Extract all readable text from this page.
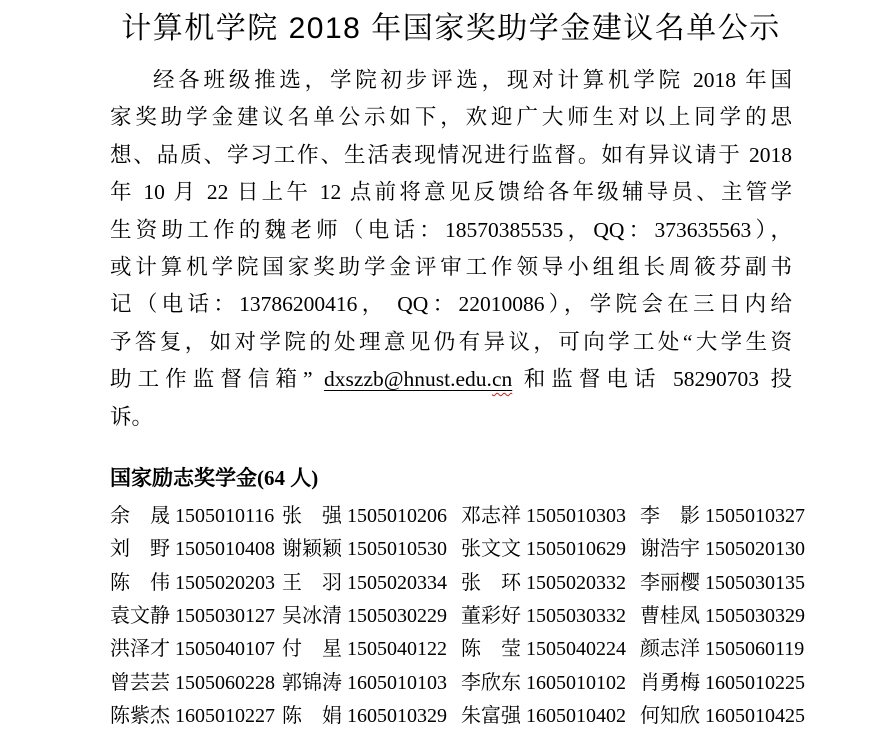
计算机学院 2018 年国家奖助学金建议名单公示
经各班级推选，学院初步评选，现对计算机学院 2018 年国
家奖助学金建议名单公示如下，欢迎广大师生对以上同学的思
想、品质、学习工作、生活表现情况进行监督。如有异议请于 2018
年 10 月 22 日上午 12 点前将意见反馈给各年级辅导员、主管学
生资助工作的魏老师（电话：18570385535，QQ：373635563），
或计算机学院国家奖助学金评审工作领导小组组长周筱芬副书
记（电话：13786200416， QQ：22010086），学院会在三日内给
予答复，如对学院的处理意见仍有异议，可向学工处“大学生资
助工作监督信箱” dxszzb@hnust.edu.cn 和监督电话 58290703 投
诉。
国家励志奖学金(64 人)
余　晟 1505010116 张　强 1505010206 邓志祥 1505010303 李　影 1505010327
刘　野 1505010408 谢颖颖 1505010530 张文文 1505010629 谢浩宇 1505020130
陈　伟 1505020203 王　羽 1505020334 张　环 1505020332 李丽樱 1505030135
袁文静 1505030127 吴冰清 1505030229 董彩好 1505030332 曹桂凤 1505030329
洪泽才 1505040107 付　星 1505040122 陈　莹 1505040224 颜志洋 1505060119
曾芸芸 1505060228 郭锦涛 1605010103 李欣东 1605010102 肖勇梅 1605010225
陈紫杰 1605010227 陈　娟 1605010329 朱富强 1605010402 何知欣 1605010425
